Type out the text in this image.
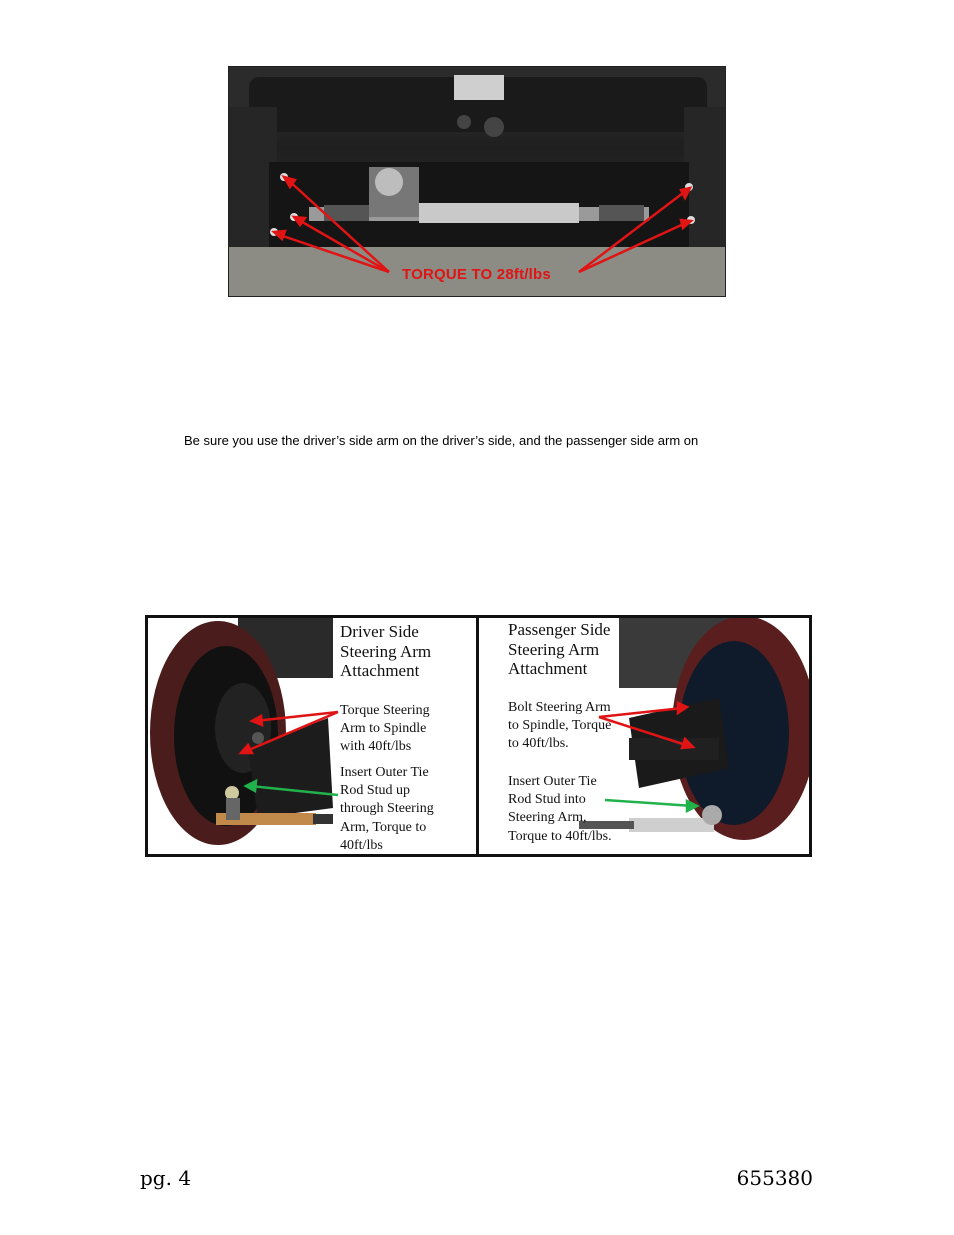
TORQUE TO 28ft/lbs
Be sure you use the driver’s side arm on the driver’s side, and the passenger side arm on
Driver Side
Steering Arm
Attachment
Torque Steering
Arm to Spindle
with 40ft/lbs
Insert Outer Tie
Rod Stud up
through Steering
Arm, Torque to
40ft/lbs
Passenger Side
Steering Arm
Attachment
Bolt Steering Arm
to Spindle, Torque
to 40ft/lbs.
Insert Outer Tie
Rod Stud into
Steering Arm,
Torque to 40ft/lbs.
pg. 4	655380
